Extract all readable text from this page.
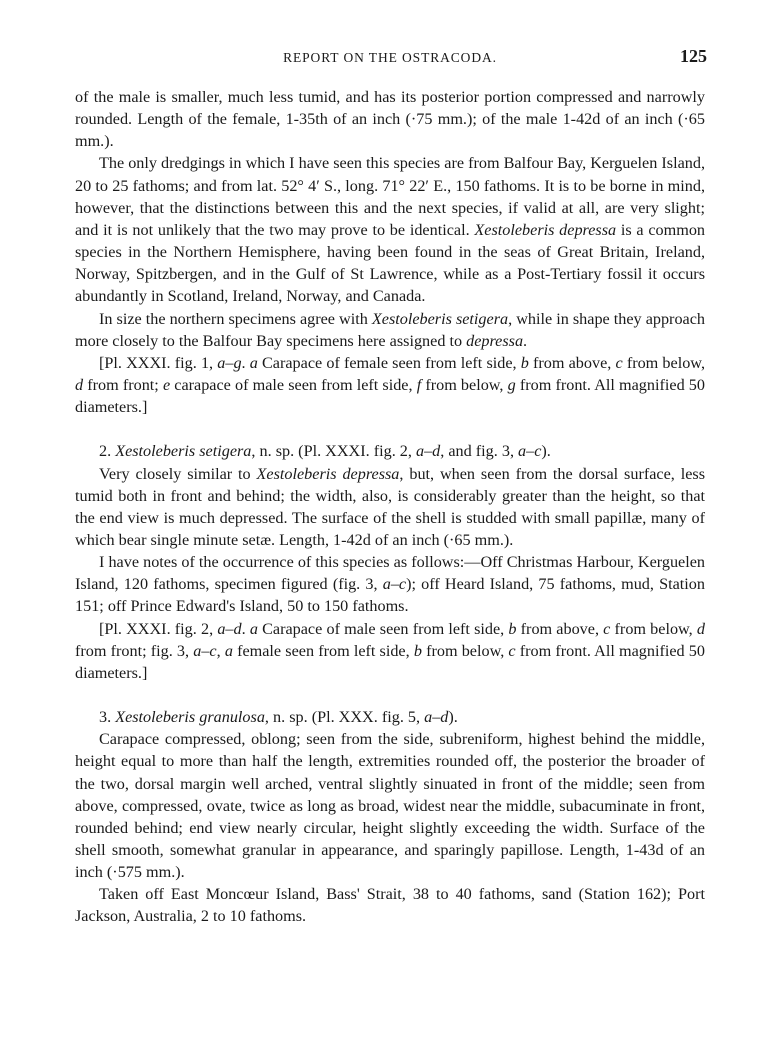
REPORT ON THE OSTRACODA.	125

of the male is smaller, much less tumid, and has its posterior portion compressed and narrowly rounded. Length of the female, 1-35th of an inch (·75 mm.); of the male 1-42d of an inch (·65 mm.).

The only dredgings in which I have seen this species are from Balfour Bay, Kerguelen Island, 20 to 25 fathoms; and from lat. 52° 4′ S., long. 71° 22′ E., 150 fathoms. It is to be borne in mind, however, that the distinctions between this and the next species, if valid at all, are very slight; and it is not unlikely that the two may prove to be identical. Xestoleberis depressa is a common species in the Northern Hemisphere, having been found in the seas of Great Britain, Ireland, Norway, Spitzbergen, and in the Gulf of St Lawrence, while as a Post-Tertiary fossil it occurs abundantly in Scotland, Ireland, Norway, and Canada.

In size the northern specimens agree with Xestoleberis setigera, while in shape they approach more closely to the Balfour Bay specimens here assigned to depressa.

[Pl. XXXI. fig. 1, a–g. a Carapace of female seen from left side, b from above, c from below, d from front; e carapace of male seen from left side, f from below, g from front. All magnified 50 diameters.]

2. Xestoleberis setigera, n. sp. (Pl. XXXI. fig. 2, a–d, and fig. 3, a–c).

Very closely similar to Xestoleberis depressa, but, when seen from the dorsal surface, less tumid both in front and behind; the width, also, is considerably greater than the height, so that the end view is much depressed. The surface of the shell is studded with small papillæ, many of which bear single minute setæ. Length, 1-42d of an inch (·65 mm.).

I have notes of the occurrence of this species as follows:—Off Christmas Harbour, Kerguelen Island, 120 fathoms, specimen figured (fig. 3, a–c); off Heard Island, 75 fathoms, mud, Station 151; off Prince Edward's Island, 50 to 150 fathoms.

[Pl. XXXI. fig. 2, a–d. a Carapace of male seen from left side, b from above, c from below, d from front; fig. 3, a–c, a female seen from left side, b from below, c from front. All magnified 50 diameters.]

3. Xestoleberis granulosa, n. sp. (Pl. XXX. fig. 5, a–d).

Carapace compressed, oblong; seen from the side, subreniform, highest behind the middle, height equal to more than half the length, extremities rounded off, the posterior the broader of the two, dorsal margin well arched, ventral slightly sinuated in front of the middle; seen from above, compressed, ovate, twice as long as broad, widest near the middle, subacuminate in front, rounded behind; end view nearly circular, height slightly exceeding the width. Surface of the shell smooth, somewhat granular in appearance, and sparingly papillose. Length, 1-43d of an inch (·575 mm.).

Taken off East Moncœur Island, Bass' Strait, 38 to 40 fathoms, sand (Station 162); Port Jackson, Australia, 2 to 10 fathoms.
